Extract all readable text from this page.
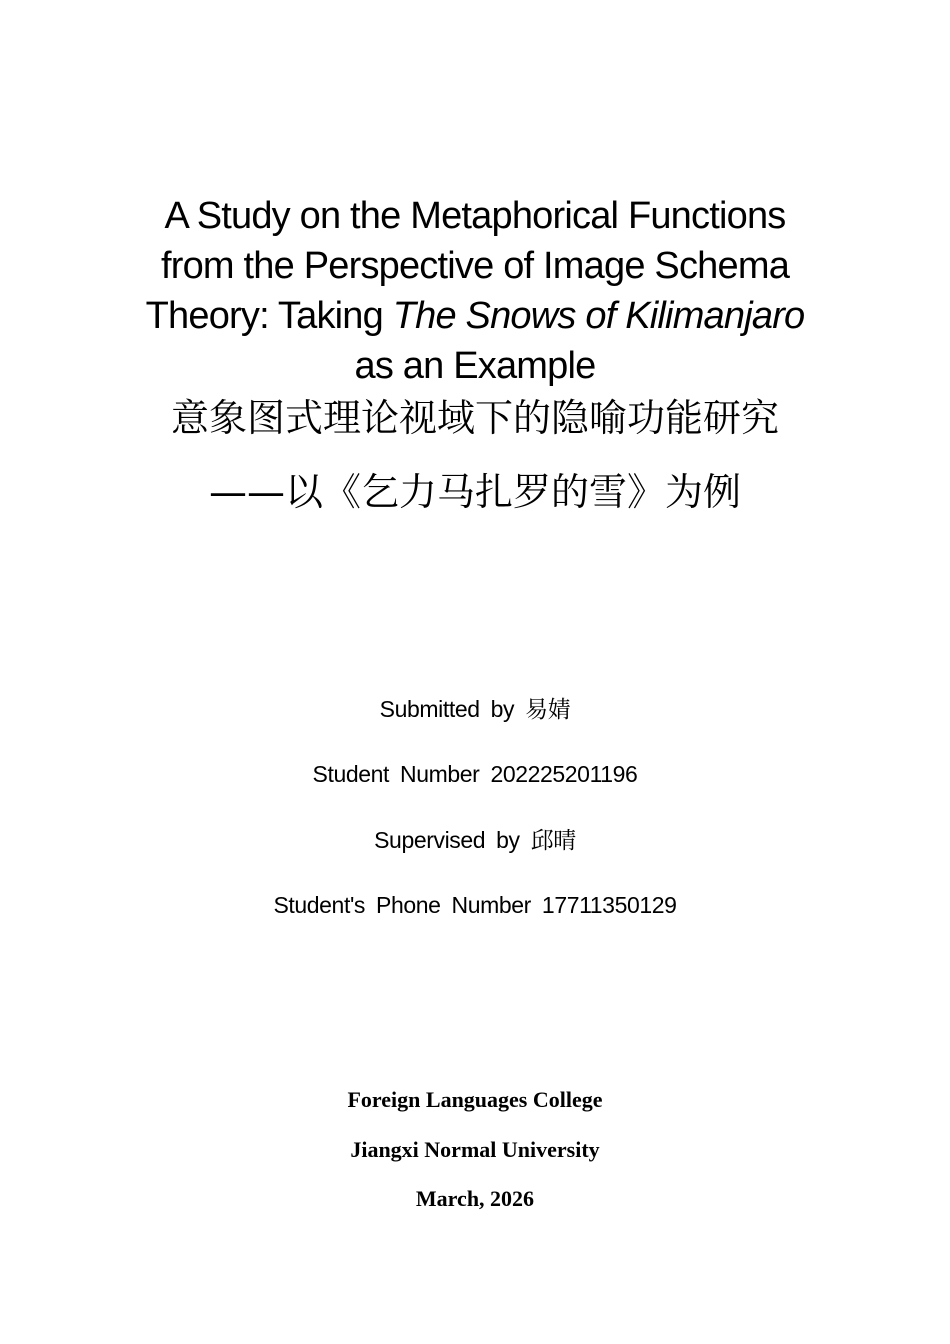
A Study on the Metaphorical Functions
from the Perspective of Image Schema
Theory: Taking The Snows of Kilimanjaro
as an Example
意象图式理论视域下的隐喻功能研究
——以《乞力马扎罗的雪》为例
Submitted by 易婧
Student Number 202225201196
Supervised by 邱晴
Student's Phone Number 17711350129
Foreign Languages College
Jiangxi Normal University
March, 2026
